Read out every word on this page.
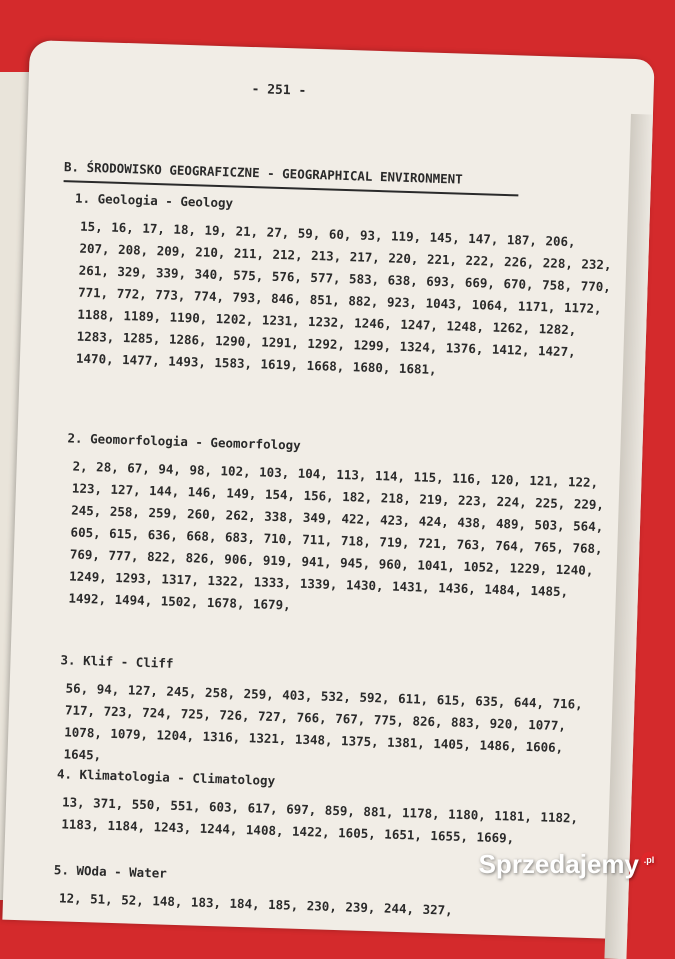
- 251 -
B. ŚRODOWISKO GEOGRAFICZNE - GEOGRAPHICAL ENVIRONMENT
1. Geologia - Geology
15, 16, 17, 18, 19, 21, 27, 59, 60, 93, 119, 145, 147, 187, 206, 207, 208, 209, 210, 211, 212, 213, 217, 220, 221, 222, 226, 228, 232, 261, 329, 339, 340, 575, 576, 577, 583, 638, 693, 669, 670, 758, 770, 771, 772, 773, 774, 793, 846, 851, 882, 923, 1043, 1064, 1171, 1172, 1188, 1189, 1190, 1202, 1231, 1232, 1246, 1247, 1248, 1262, 1282, 1283, 1285, 1286, 1290, 1291, 1292, 1299, 1324, 1376, 1412, 1427, 1470, 1477, 1493, 1583, 1619, 1668, 1680, 1681,
2. Geomorfologia - Geomorfology
2, 28, 67, 94, 98, 102, 103, 104, 113, 114, 115, 116, 120, 121, 122, 123, 127, 144, 146, 149, 154, 156, 182, 218, 219, 223, 224, 225, 229, 245, 258, 259, 260, 262, 338, 349, 422, 423, 424, 438, 489, 503, 564, 605, 615, 636, 668, 683, 710, 711, 718, 719, 721, 763, 764, 765, 768, 769, 777, 822, 826, 906, 919, 941, 945, 960, 1041, 1052, 1229, 1240, 1249, 1293, 1317, 1322, 1333, 1339, 1430, 1431, 1436, 1484, 1485, 1492, 1494, 1502, 1678, 1679,
3. Klif - Cliff
56, 94, 127, 245, 258, 259, 403, 532, 592, 611, 615, 635, 644, 716, 717, 723, 724, 725, 726, 727, 766, 767, 775, 826, 883, 920, 1077, 1078, 1079, 1204, 1316, 1321, 1348, 1375, 1381, 1405, 1486, 1606, 1645,
4. Klimatologia - Climatology
13, 371, 550, 551, 603, 617, 697, 859, 881, 1178, 1180, 1181, 1182, 1183, 1184, 1243, 1244, 1408, 1422, 1605, 1651, 1655, 1669,
5. WOda - Water
12, 51, 52, 148, 183, 184, 185, 230, 239, 244, 327,
Sprzedajemy .pl
